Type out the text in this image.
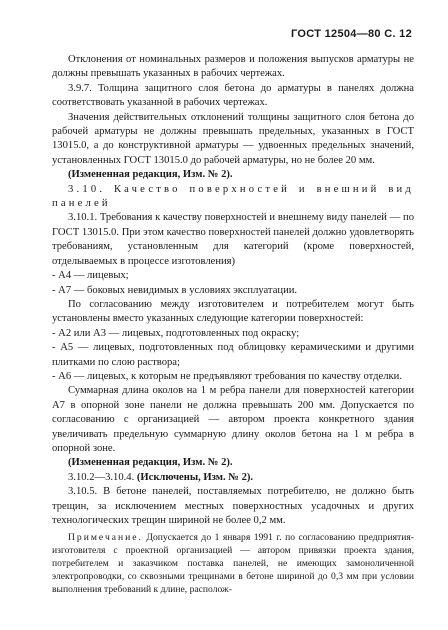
ГОСТ 12504—80 С. 12

Отклонения от номинальных размеров и положения выпусков арматуры не должны превышать указанных в рабочих чертежах.

3.9.7. Толщина защитного слоя бетона до арматуры в панелях должна соответствовать указанной в рабочих чертежах.

Значения действительных отклонений толщины защитного слоя бетона до рабочей арматуры не должны превышать предельных, указанных в ГОСТ 13015.0, а до конструктивной арматуры — удвоенных предельных значений, установленных ГОСТ 13015.0 до рабочей арматуры, но не более 20 мм.

(Измененная редакция, Изм. № 2).

3.10. Качество поверхностей и внешний вид панелей

3.10.1. Требования к качеству поверхностей и внешнему виду панелей — по ГОСТ 13015.0. При этом качество поверхностей панелей должно удовлетворять требованиям, установленным для категорий (кроме поверхностей, отделываемых в процессе изготовления)

- А4 — лицевых;

- А7 — боковых невидимых в условиях эксплуатации.

По согласованию между изготовителем и потребителем могут быть установлены вместо указанных следующие категории поверхностей:

- А2 или А3 — лицевых, подготовленных под окраску;

- А5 — лицевых, подготовленных под облицовку керамическими и другими плитками по слою раствора;

- А6 — лицевых, к которым не предъявляют требования по качеству отделки.

Суммарная длина околов на 1 м ребра панели для поверхностей категории А7 в опорной зоне панели не должна превышать 200 мм. Допускается по согласованию с организацией — автором проекта конкретного здания увеличивать предельную суммарную длину околов бетона на 1 м ребра в опорной зоне.

(Измененная редакция, Изм. № 2).

3.10.2—3.10.4. (Исключены, Изм. № 2).

3.10.5. В бетоне панелей, поставляемых потребителю, не должно быть трещин, за исключением местных поверхностных усадочных и других технологических трещин шириной не более 0,2 мм.

Примечание. Допускается до 1 января 1991 г. по согласованию предприятия-изготовителя с проектной организацией — автором привязки проекта здания, потребителем и заказчиком поставка панелей, не имеющих замоноличенной электропроводки, со сквозными трещинами в бетоне шириной до 0,3 мм при условии выполнения требований к длине, располож-
